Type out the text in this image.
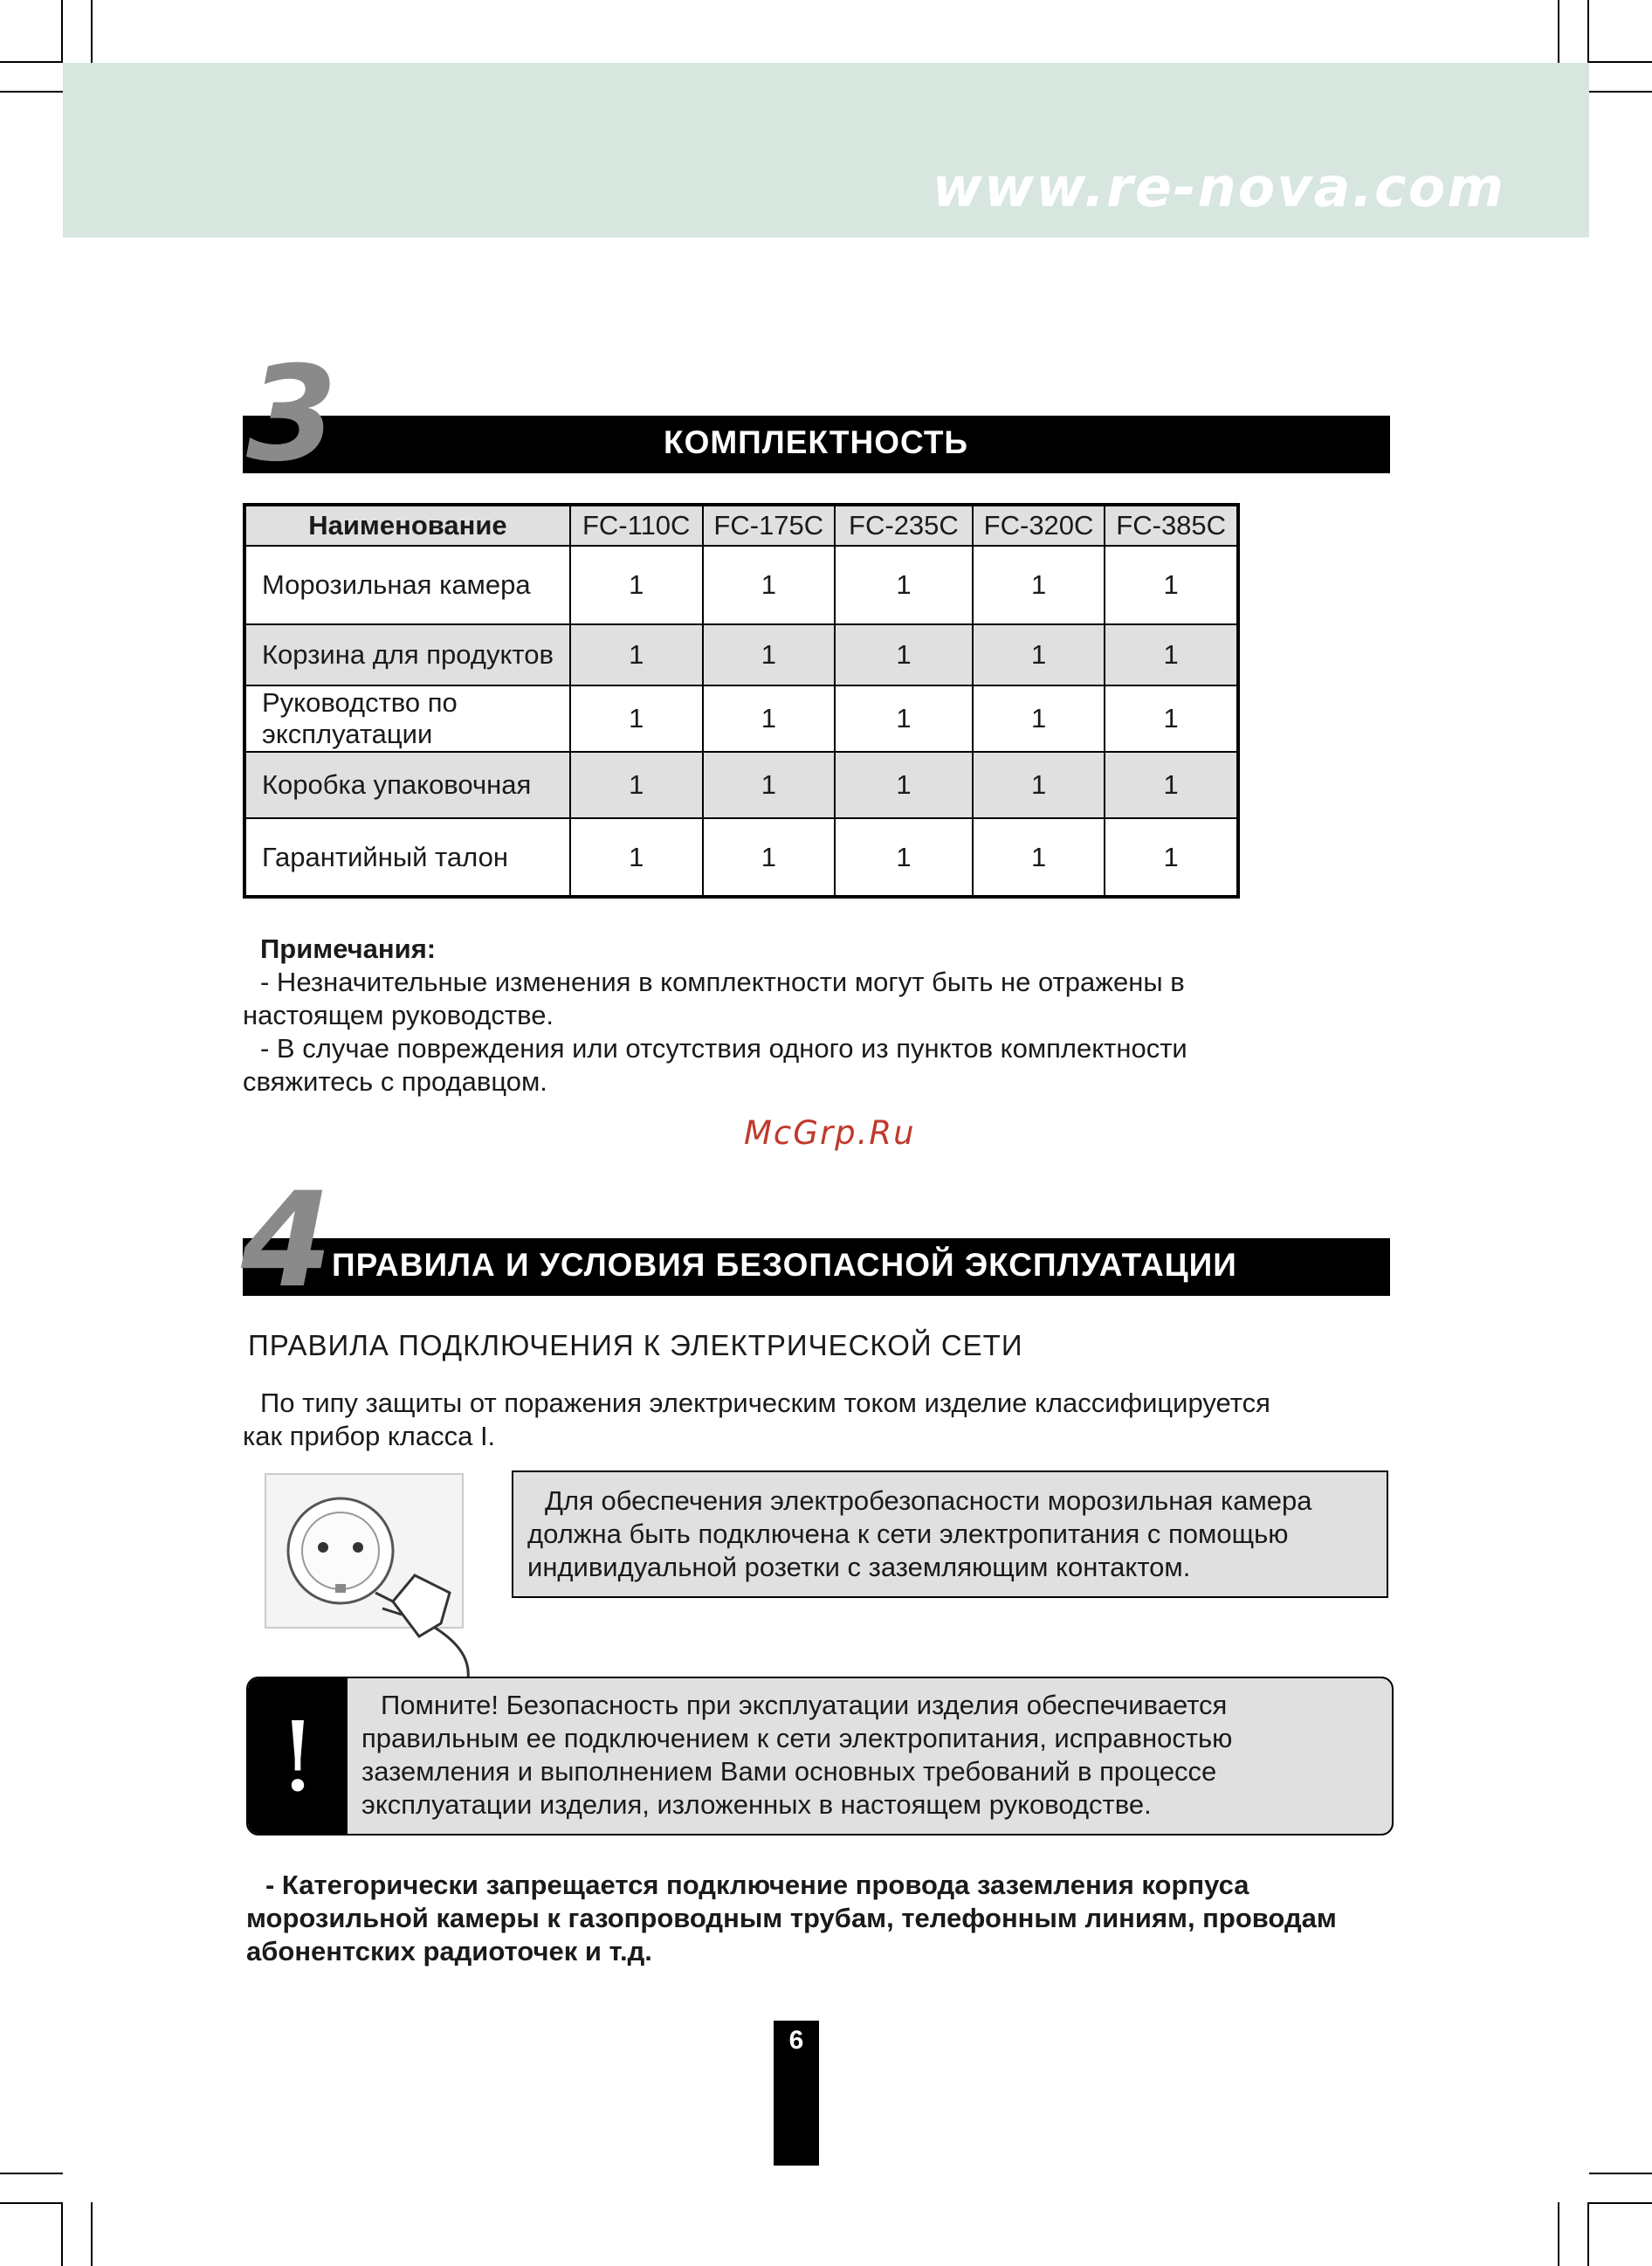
www.re-nova.com
3	КОМПЛЕКТНОСТЬ
Наименование	FC-110C	FC-175C	FC-235C	FC-320C	FC-385C
Морозильная камера	1	1	1	1	1
Корзина для продуктов	1	1	1	1	1
Руководство по эксплуатации	1	1	1	1	1
Коробка упаковочная	1	1	1	1	1
Гарантийный талон	1	1	1	1	1
Примечания:
- Незначительные изменения в комплектности могут быть не отражены в настоящем руководстве.
- В случае повреждения или отсутствия одного из пунктов комплектности свяжитесь с продавцом.
McGrp.Ru
4 ПРАВИЛА И УСЛОВИЯ БЕЗОПАСНОЙ ЭКСПЛУАТАЦИИ
ПРАВИЛА ПОДКЛЮЧЕНИЯ К ЭЛЕКТРИЧЕСКОЙ СЕТИ
По типу защиты от поражения электрическим током изделие классифицируется как прибор класса I.
Для обеспечения электробезопасности морозильная камера должна быть подключена к сети электропитания с помощью индивидуальной розетки с заземляющим контактом.
!	Помните! Безопасность при эксплуатации изделия обеспечивается правильным ее подключением к сети электропитания, исправностью заземления и выполнением Вами основных требований в процессе эксплуатации изделия, изложенных в настоящем руководстве.
- Категорически запрещается подключение провода заземления корпуса морозильной камеры к газопроводным трубам, телефонным линиям, проводам абонентских радиоточек и т.д.
6
